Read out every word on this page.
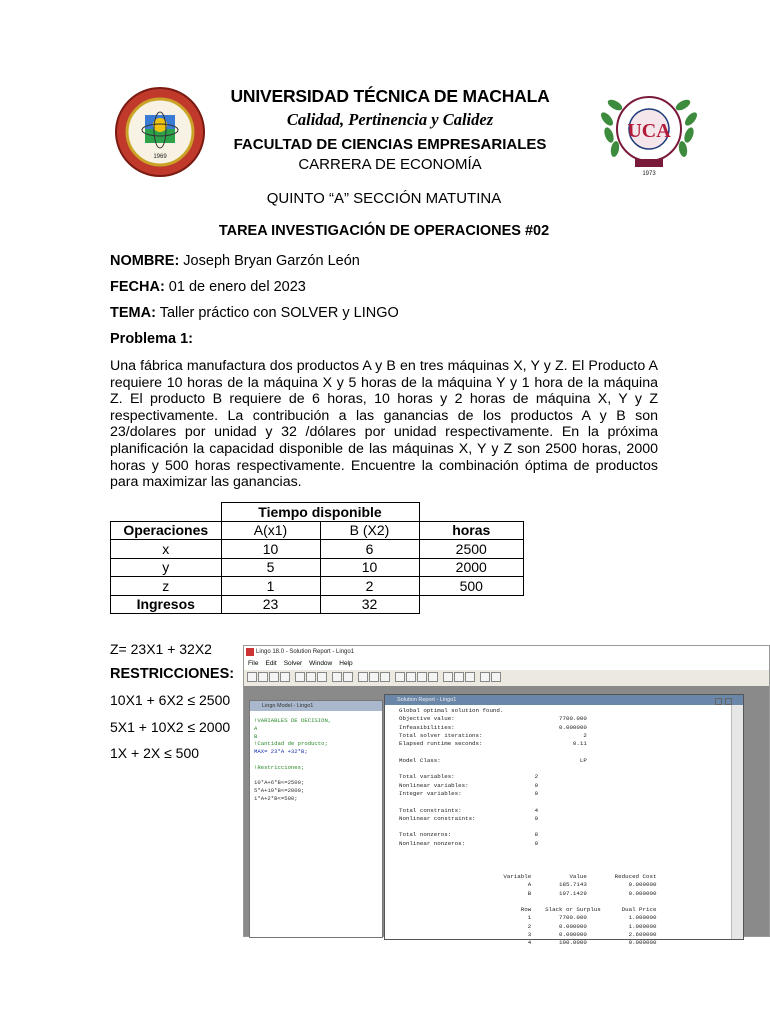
1969
UCA
1973
UNIVERSIDAD TÉCNICA DE MACHALA
Calidad, Pertinencia y Calidez
FACULTAD DE CIENCIAS EMPRESARIALES
CARRERA DE ECONOMÍA
QUINTO “A” SECCIÓN MATUTINA
TAREA INVESTIGACIÓN DE OPERACIONES #02
NOMBRE: Joseph Bryan Garzón León
FECHA: 01 de enero del 2023
TEMA: Taller práctico con SOLVER y LINGO
Problema 1:
Una fábrica manufactura dos productos A y B en tres máquinas X, Y y Z. El Producto A requiere 10 horas de la máquina X y 5 horas de la máquina Y y 1 hora de la máquina Z. El producto B requiere de 6 horas, 10 horas y 2 horas de máquina X, Y y Z respectivamente. La contribución a las ganancias de los productos A y B son 23/dolares por unidad y 32 /dólares por unidad respectivamente. En la próxima planificación la capacidad disponible de las máquinas X, Y y Z son 2500 horas, 2000 horas y 500 horas respectivamente. Encuentre la combinación óptima de productos para maximizar las ganancias.
	Tiempo disponible		
Operaciones	A(x1)	B (X2)	horas
x	10	6	2500
y	5	10	2000
z	1	2	500
Ingresos	23	32	
Z= 23X1 + 32X2
RESTRICCIONES:
10X1 + 6X2 ≤ 2500
5X1 + 10X2 ≤ 2000
1X + 2X ≤ 500
Lingo 18.0 - Solution Report - Lingo1
File Edit Solver Window Help
Lingo Model - Lingo1
!VARIABLES DE DECISION,
A
B
!Cantidad de producto;
MAX= 23*A +32*B;

!Restricciones;

10*A+6*B<=2500;
5*A+10*B<=2000;
1*A+2*B<=500;
Solution Report - Lingo1
Global optimal solution found.
Objective value:                              7700.000
Infeasibilities:                              0.000000
Total solver iterations:                             2
Elapsed runtime seconds:                          0.11

Model Class:                                        LP

Total variables:                       2
Nonlinear variables:                   0
Integer variables:                     0

Total constraints:                     4
Nonlinear constraints:                 0

Total nonzeros:                        8
Nonlinear nonzeros:                    0

Variable           Value        Reduced Cost
A        185.7143            0.000000
B        107.1429            0.000000

Row    Slack or Surplus      Dual Price
1        7700.000            1.000000
2        0.000000            1.000000
3        0.000000            2.600000
4        100.0000            0.000000
